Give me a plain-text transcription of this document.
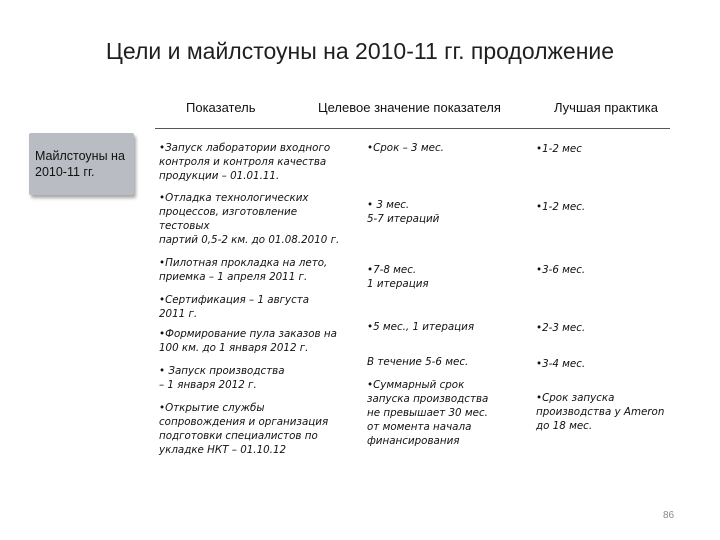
Цели и майлстоуны на 2010-11 гг. продолжение
Показатель	Целевое значение показателя	Лучшая практика
Майлстоуны на
2010-11 гг.
•Запуск лаборатории входного
контроля и контроля качества
продукции – 01.01.11.
•Отладка технологических
процессов, изготовление
тестовых
партий 0,5-2 км. до 01.08.2010 г.
•Пилотная прокладка на лето,
приемка – 1 апреля 2011 г.
•Сертификация – 1 августа
2011 г.
•Формирование пула заказов на
100 км. до 1 января 2012 г.
• Запуск производства
– 1 января 2012 г.
•Открытие службы
сопровождения и организация
подготовки специалистов по
укладке НКТ – 01.10.12
•Срок – 3 мес.
• 3 мес.
5-7 итераций
•7-8 мес.
1 итерация
•5 мес., 1 итерация
В течение 5-6 мес.
•Суммарный срок
запуска производства
не превышает 30 мес.
от момента начала
финансирования
•1-2 мес
•1-2 мес.
•3-6 мес.
•2-3 мес.
•3-4 мес.
•Срок запуска
производства у Ameron
до 18 мес.
86
